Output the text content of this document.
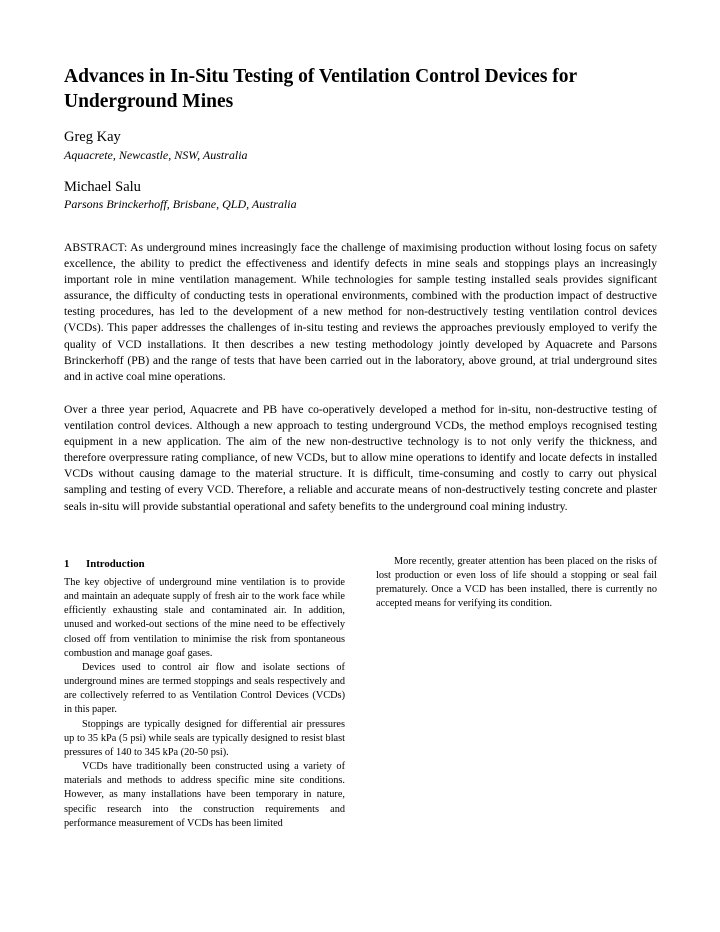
Advances in In-Situ Testing of Ventilation Control Devices for Underground Mines

Greg Kay

Aquacrete, Newcastle, NSW, Australia

Michael Salu

Parsons Brinckerhoff, Brisbane, QLD, Australia

ABSTRACT: As underground mines increasingly face the challenge of maximising production without losing focus on safety excellence, the ability to predict the effectiveness and identify defects in mine seals and stoppings plays an increasingly important role in mine ventilation management. While technologies for sample testing installed seals provides significant assurance, the difficulty of conducting tests in operational environments, combined with the production impact of destructive testing procedures, has led to the development of a new method for non-destructively testing ventilation control devices (VCDs). This paper addresses the challenges of in-situ testing and reviews the approaches previously employed to verify the quality of VCD installations. It then describes a new testing methodology jointly developed by Aquacrete and Parsons Brinckerhoff (PB) and the range of tests that have been carried out in the laboratory, above ground, at trial underground sites and in active coal mine operations.

Over a three year period, Aquacrete and PB have co-operatively developed a method for in-situ, non-destructive testing of ventilation control devices. Although a new approach to testing underground VCDs, the method employs recognised testing equipment in a new application. The aim of the new non-destructive technology is to not only verify the thickness, and therefore overpressure rating compliance, of new VCDs, but to allow mine operations to identify and locate defects in installed VCDs without causing damage to the material structure. It is difficult, time-consuming and costly to carry out physical sampling and testing of every VCD. Therefore, a reliable and accurate means of non-destructively testing concrete and plaster seals in-situ will provide substantial operational and safety benefits to the underground coal mining industry.

1 Introduction

The key objective of underground mine ventilation is to provide and maintain an adequate supply of fresh air to the work face while efficiently exhausting stale and contaminated air. In addition, unused and worked-out sections of the mine need to be effectively closed off from ventilation to minimise the risk from spontaneous combustion and manage goaf gases.

Devices used to control air flow and isolate sections of underground mines are termed stoppings and seals respectively and are collectively referred to as Ventilation Control Devices (VCDs) in this paper.

Stoppings are typically designed for differential air pressures up to 35 kPa (5 psi) while seals are typically designed to resist blast pressures of 140 to 345 kPa (20-50 psi).

VCDs have traditionally been constructed using a variety of materials and methods to address specific mine site conditions. However, as many installations have been temporary in nature, specific research into the construction requirements and performance measurement of VCDs has been limited

More recently, greater attention has been placed on the risks of lost production or even loss of life should a stopping or seal fail prematurely. Once a VCD has been installed, there is currently no accepted means for verifying its condition.
